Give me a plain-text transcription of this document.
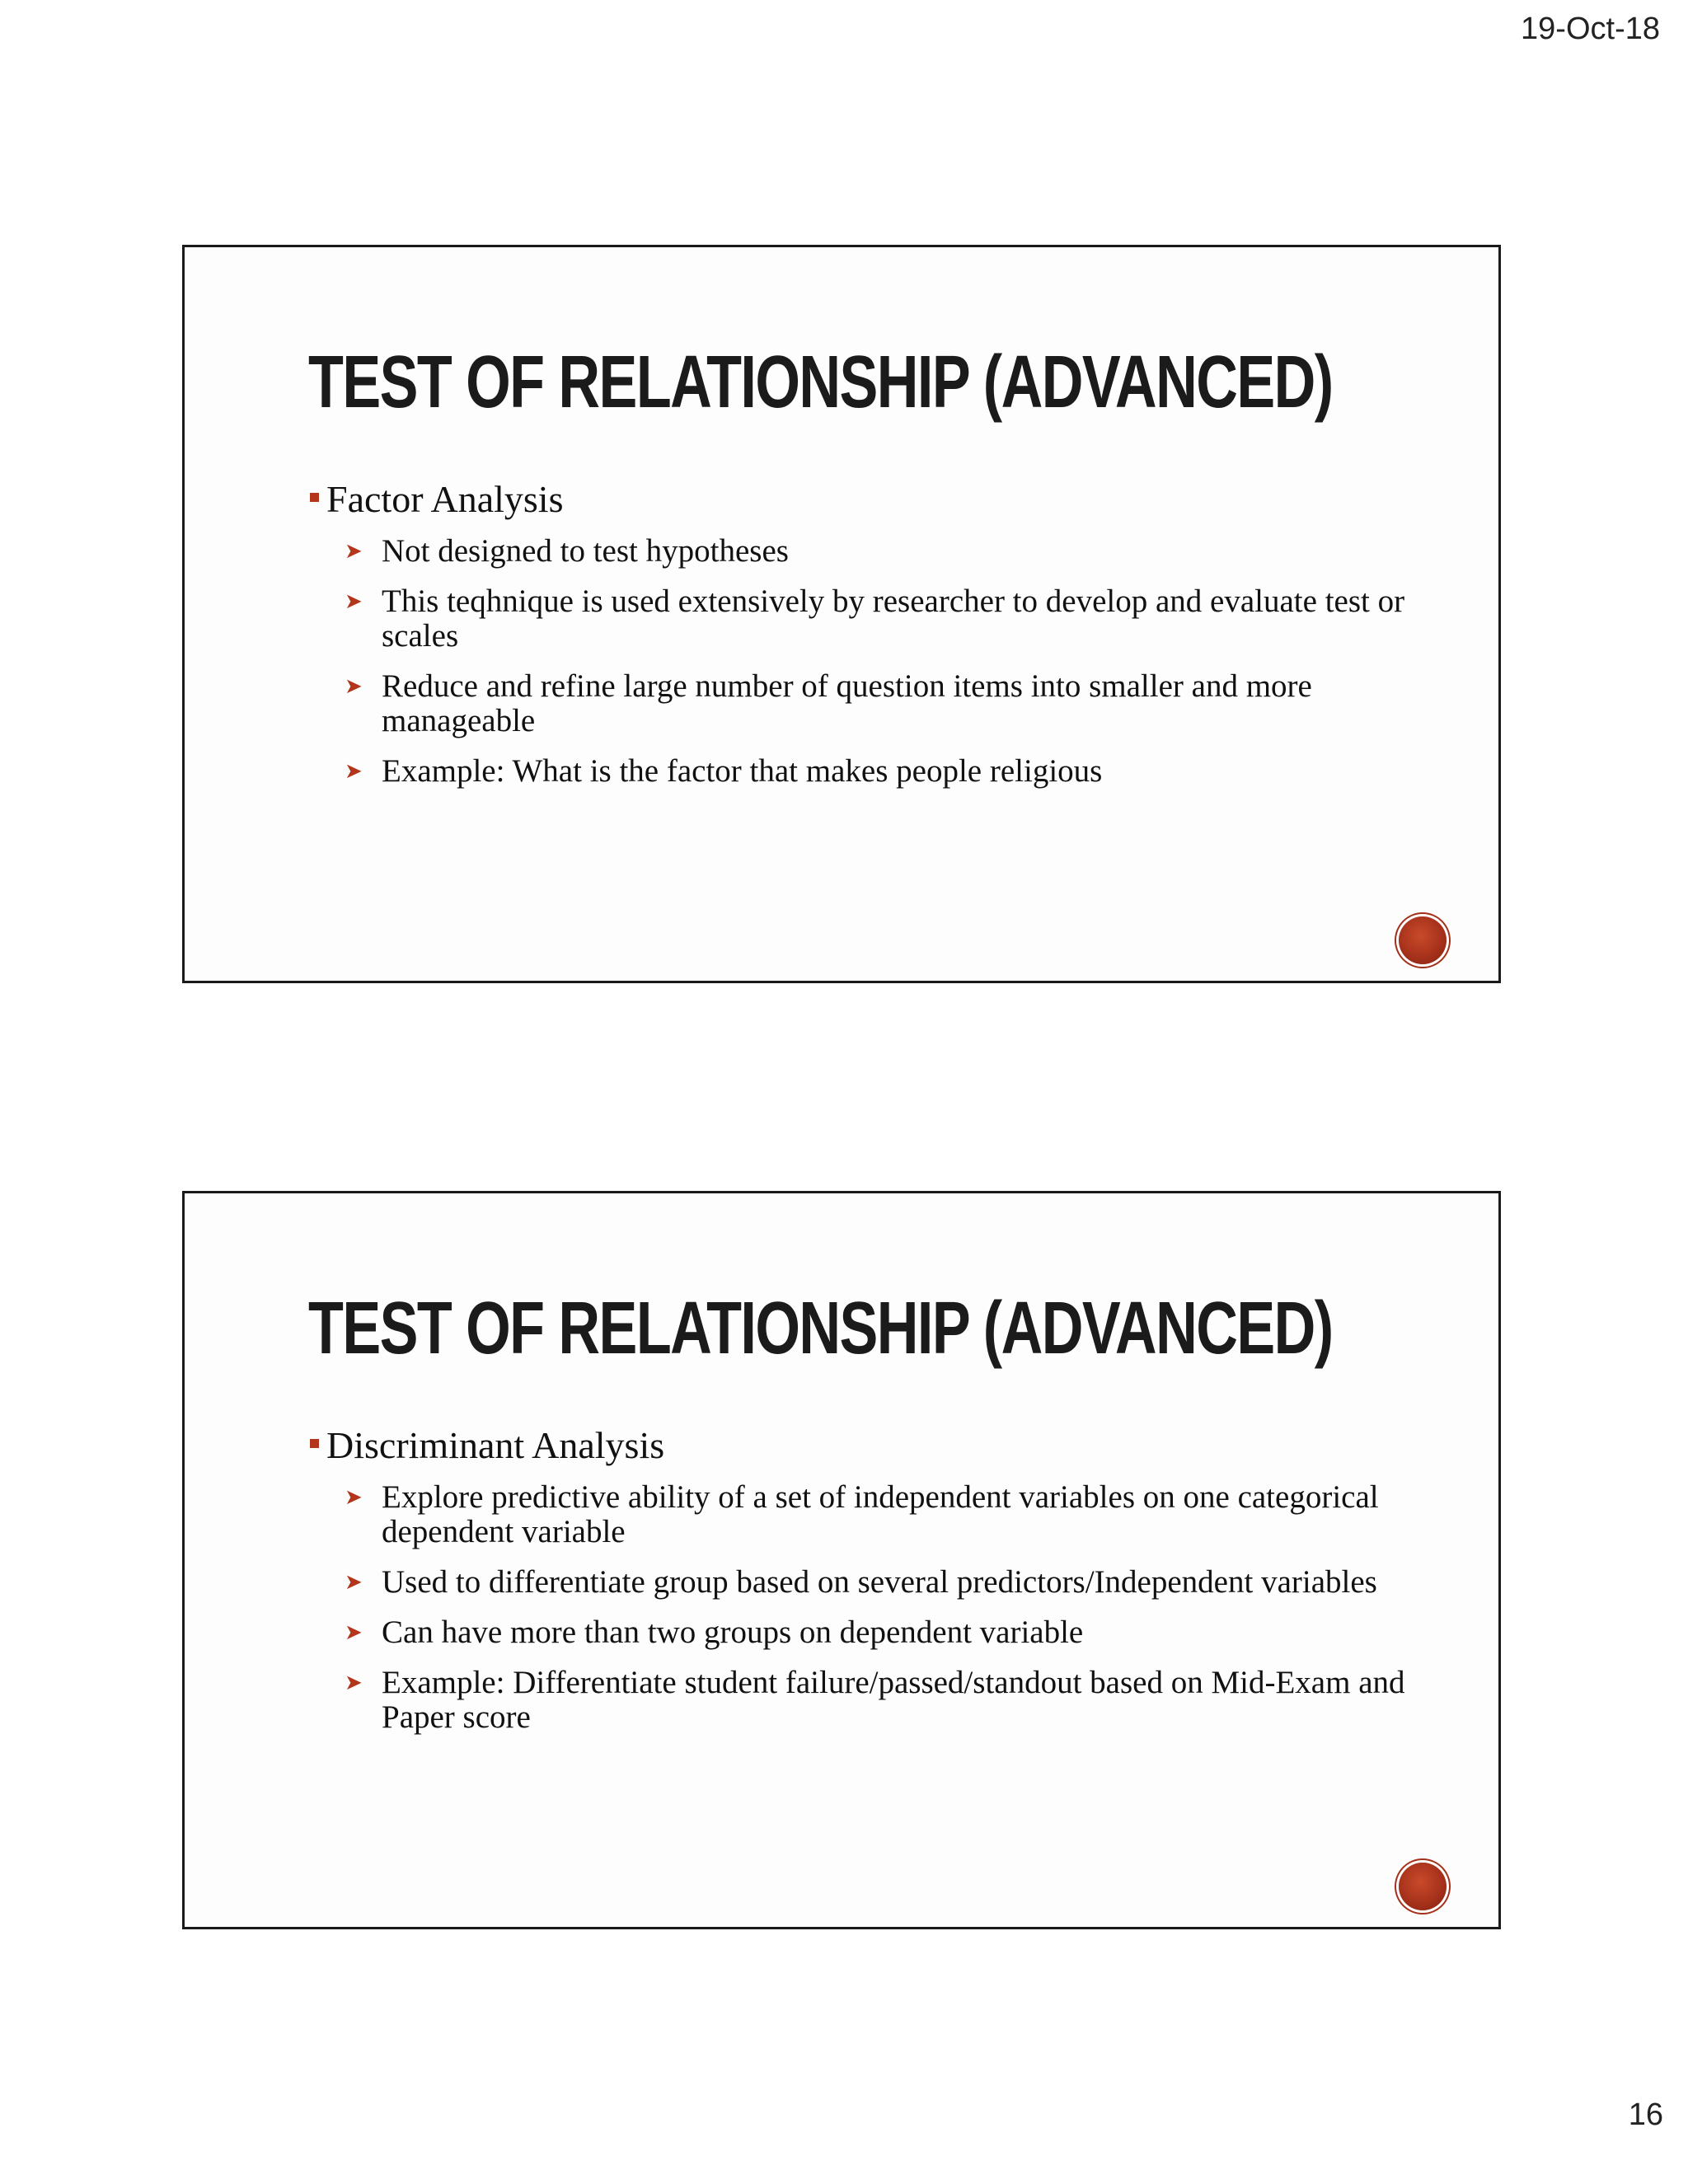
19-Oct-18
TEST OF RELATIONSHIP (ADVANCED)
Factor Analysis
➤ Not designed to test hypotheses
➤ This teqhnique is used extensively by researcher to develop and evaluate test or scales
➤ Reduce and refine large number of question items into smaller and more manageable
➤ Example: What is the factor that makes people religious
TEST OF RELATIONSHIP (ADVANCED)
Discriminant Analysis
➤ Explore predictive ability of a set of independent variables on one categorical dependent variable
➤ Used to differentiate group based on several predictors/Independent variables
➤ Can have more than two groups on dependent variable
➤ Example: Differentiate student failure/passed/standout based on Mid-Exam and Paper score
16
